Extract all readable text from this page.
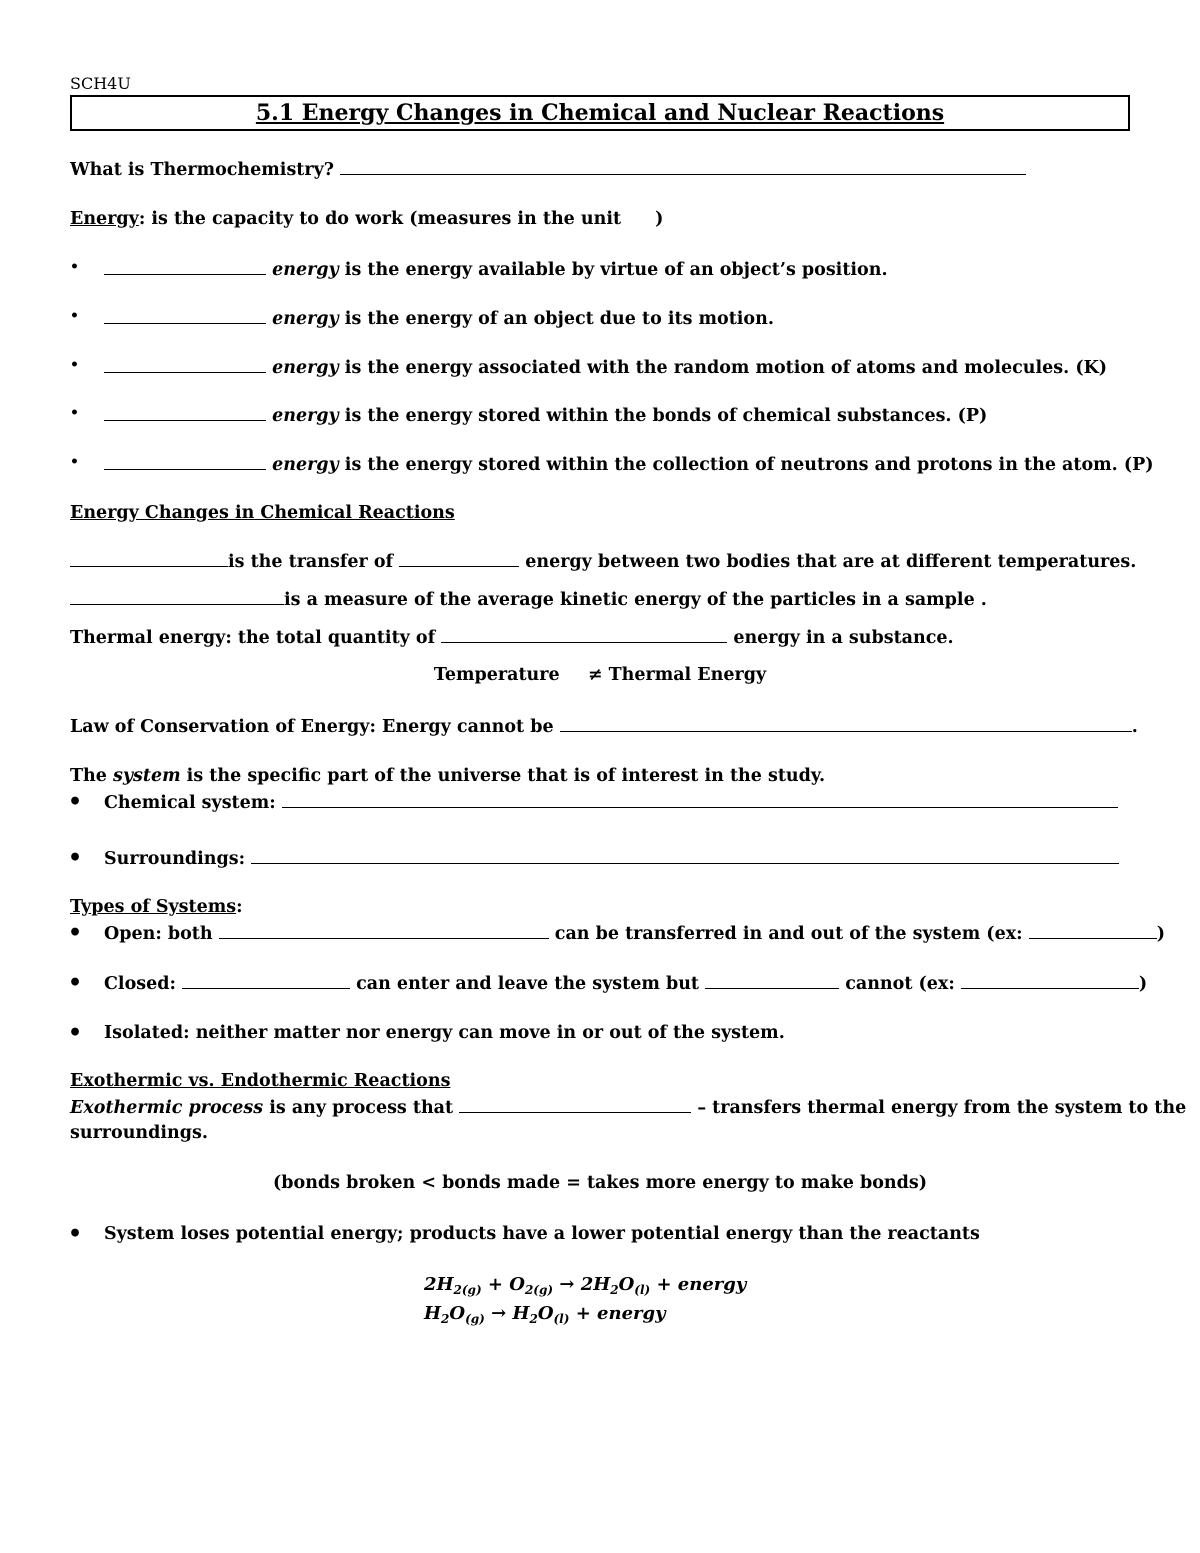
SCH4U
5.1 Energy Changes in Chemical and Nuclear Reactions
What is Thermochemistry?
Energy: is the capacity to do work (measures in the unit )
•	energy is the energy available by virtue of an object’s position.
•	energy is the energy of an object due to its motion.
•	energy is the energy associated with the random motion of atoms and molecules. (K)
•	energy is the energy stored within the bonds of chemical substances. (P)
•	energy is the energy stored within the collection of neutrons and protons in the atom. (P)
Energy Changes in Chemical Reactions
is the transfer of	energy between two bodies that are at different temperatures.
is a measure of the average kinetic energy of the particles in a sample .
Thermal energy: the total quantity of	energy in a substance.
Temperature ≠ Thermal Energy
Law of Conservation of Energy: Energy cannot be	.
The system is the specific part of the universe that is of interest in the study.
• Chemical system:
• Surroundings:
Types of Systems:
• Open: both	can be transferred in and out of the system (ex:	)
• Closed:	can enter and leave the system but	cannot (ex:	)
• Isolated: neither matter nor energy can move in or out of the system.
Exothermic vs. Endothermic Reactions
Exothermic process is any process that	– transfers thermal energy from the system to the
surroundings.
(bonds broken < bonds made = takes more energy to make bonds)
• System loses potential energy; products have a lower potential energy than the reactants
$2H_{2(g)} + O_{2(g)} \to 2H_2O_{(l)}$ + energy
$H_2O_{(g)} \to H_2O_{(l)}$ + energy
